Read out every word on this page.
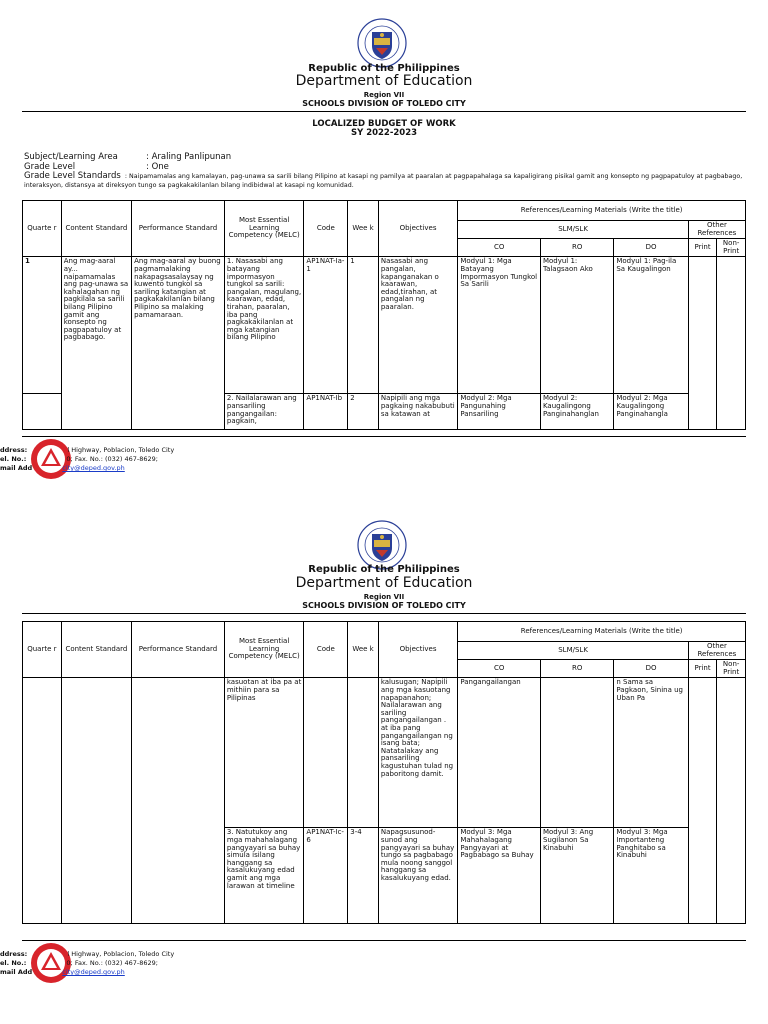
Republic of the Philippines
Department of Education
Region VII
SCHOOLS DIVISION OF TOLEDO CITY
LOCALIZED BUDGET OF WORK
SY 2022-2023
Subject/Learning Area	: Araling Panlipunan
Grade Level	: One
Grade Level Standards : Naipamamalas ang kamalayan, pag-unawa sa sarili bilang Pilipino at kasapi ng pamilya at paaralan at pagpapahalaga sa kapaligirang pisikal gamit ang konsepto ng pagpapatuloy at pagbabago, interaksyon, distansya at direksyon tungo sa pagkakakilanlan bilang indibidwal at kasapi ng komunidad.
Quarte r	Content Standard	Performance Standard	Most Essential Learning Competency (MELC)	Code	Wee k	Objectives	References/Learning Materials (Write the title)				
							SLM/SLK			Other References	
							CO	RO	DO	Print	Non-Print
1	Ang mag-aaral ay... naipamamalas ang pag-unawa sa kahalagahan ng pagkilala sa sarili bilang Pilipino gamit ang konsepto ng pagpapatuloy at pagbabago.	Ang mag-aaral ay buong pagmamalaking nakapagsasalaysay ng kuwento tungkol sa sariling katangian at pagkakakilanlan bilang Pilipino sa malaking pamamaraan.	1. Nasasabi ang batayang impormasyon tungkol sa sarili: pangalan, magulang, kaarawan, edad, tirahan, paaralan, iba pang pagkakakilanlan at mga katangian bilang Pilipino	AP1NAT-Ia-1	1	Nasasabi ang pangalan, kapanganakan o kaarawan, edad,tirahan, at pangalan ng paaralan.	Modyul 1: Mga Batayang Impormasyon Tungkol Sa Sarili	Modyul 1: Talagsaon Ako	Modyul 1: Pag-ila Sa Kaugalingon		
			2. Nailalarawan ang pansariling pangangailan: pagkain,	AP1NAT-Ib	2	Napipili ang mga pagkaing nakabubuti sa katawan at	Modyul 2: Mga Pangunahing Pansariling	Modyul 2: Kaugalingong Panginahanglan	Modyul 2: Mga Kaugalingong Panginahangla		
ddress:	l Highway, Poblacion, Toledo City
el. No.:	0; Fax. No.: (032) 467-8629;
mail Add	city@deped.gov.ph
Republic of the Philippines
Department of Education
Region VII
SCHOOLS DIVISION OF TOLEDO CITY
Quarte r	Content Standard	Performance Standard	Most Essential Learning Competency (MELC)	Code	Wee k	Objectives	References/Learning Materials (Write the title)				
							SLM/SLK			Other References	
							CO	RO	DO	Print	Non-Print
			kasuotan at iba pa at mithiin para sa Pilipinas			kalusugan; Napipili ang mga kasuotang napapanahon; Nailalarawan ang sariling pangangailangan . at iba pang pangangailangan ng isang bata; Natatalakay ang pansariling kagustuhan tulad ng paboritong damit.	Pangangailangan		n Sama sa Pagkaon, Sinina ug Uban Pa		
			3. Natutukoy ang mga mahahalagang pangyayari sa buhay simula isilang hanggang sa kasalukuyang edad gamit ang mga larawan at timeline	AP1NAT-Ic-6	3-4	Napagsusunod-sunod ang pangyayari sa buhay tungo sa pagbabago mula noong sanggol hanggang sa kasalukuyang edad.	Modyul 3: Mga Mahahalagang Pangyayari at Pagbabago sa Buhay	Modyul 3: Ang Sugilanon Sa Kinabuhi	Modyul 3: Mga Importanteng Panghitabo sa Kinabuhi		
ddress:	l Highway, Poblacion, Toledo City
el. No.:	0; Fax. No.: (032) 467-8629;
mail Add	city@deped.gov.ph
